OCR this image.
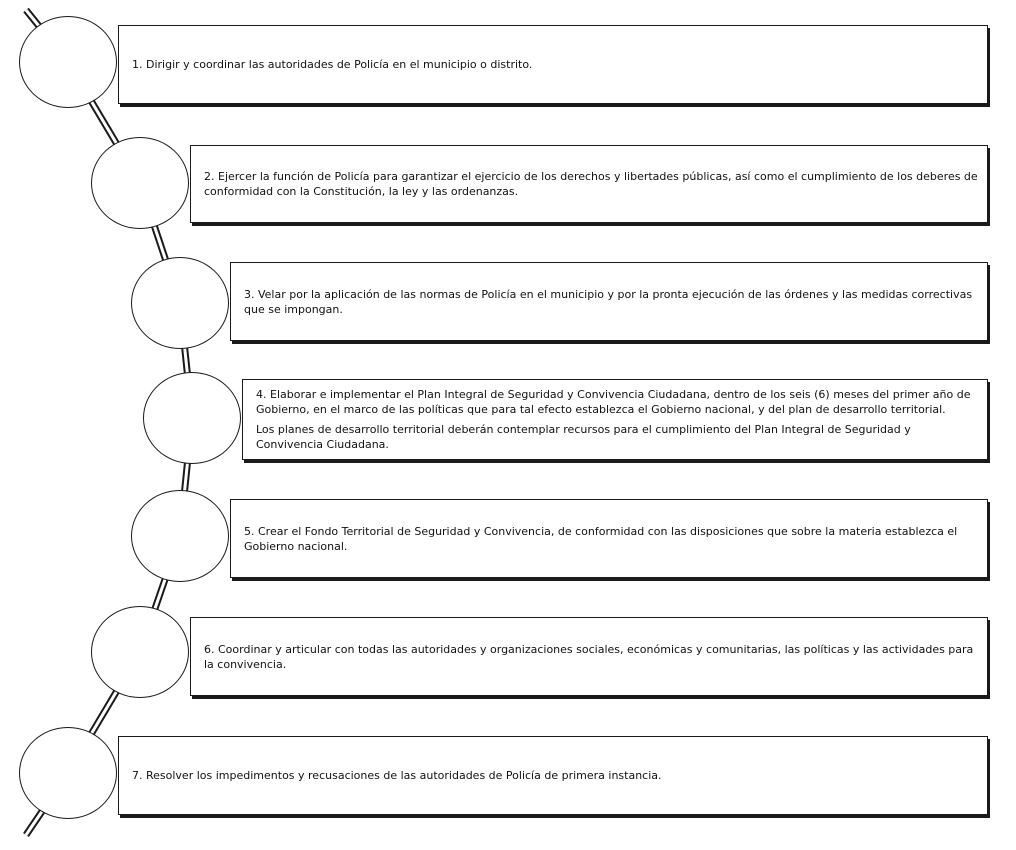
1. Dirigir y coordinar las autoridades de Policía en el municipio o distrito.

2. Ejercer la función de Policía para garantizar el ejercicio de los derechos y libertades públicas, así como el cumplimiento de los deberes de conformidad con la Constitución, la ley y las ordenanzas.

3. Velar por la aplicación de las normas de Policía en el municipio y por la pronta ejecución de las órdenes y las medidas correctivas que se impongan.

4. Elaborar e implementar el Plan Integral de Seguridad y Convivencia Ciudadana, dentro de los seis (6) meses del primer año de Gobierno, en el marco de las políticas que para tal efecto establezca el Gobierno nacional, y del plan de desarrollo territorial.

Los planes de desarrollo territorial deberán contemplar recursos para el cumplimiento del Plan Integral de Seguridad y Convivencia Ciudadana.

5. Crear el Fondo Territorial de Seguridad y Convivencia, de conformidad con las disposiciones que sobre la materia establezca el Gobierno nacional.

6. Coordinar y articular con todas las autoridades y organizaciones sociales, económicas y comunitarias, las políticas y las actividades para la convivencia.

7. Resolver los impedimentos y recusaciones de las autoridades de Policía de primera instancia.
